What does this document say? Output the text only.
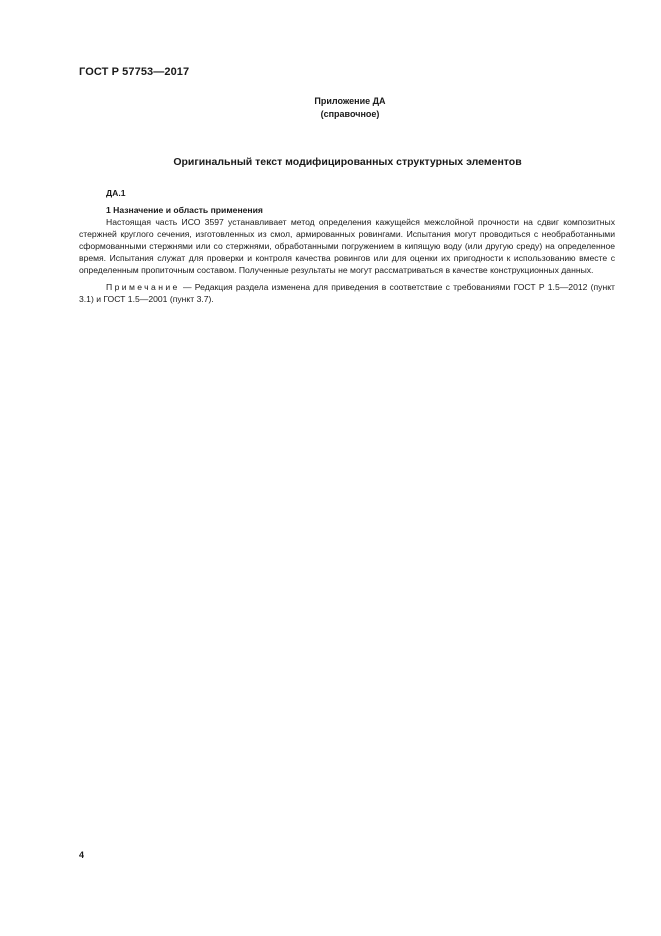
ГОСТ Р 57753—2017
Приложение ДА
(справочное)
Оригинальный текст модифицированных структурных элементов
ДА.1
1 Назначение и область применения

Настоящая часть ИСО 3597 устанавливает метод определения кажущейся межслойной прочности на сдвиг композитных стержней круглого сечения, изготовленных из смол, армированных ровингами. Испытания могут проводиться с необработанными сформованными стержнями или со стержнями, обработанными погружением в кипящую воду (или другую среду) на определенное время. Испытания служат для проверки и контроля качества ровингов или для оценки их пригодности к использованию вместе с определенным пропиточным составом. Полученные результаты не могут рассматриваться в качестве конструкционных данных.

Примечание — Редакция раздела изменена для приведения в соответствие с требованиями ГОСТ Р 1.5—2012 (пункт 3.1) и ГОСТ 1.5—2001 (пункт 3.7).

4
